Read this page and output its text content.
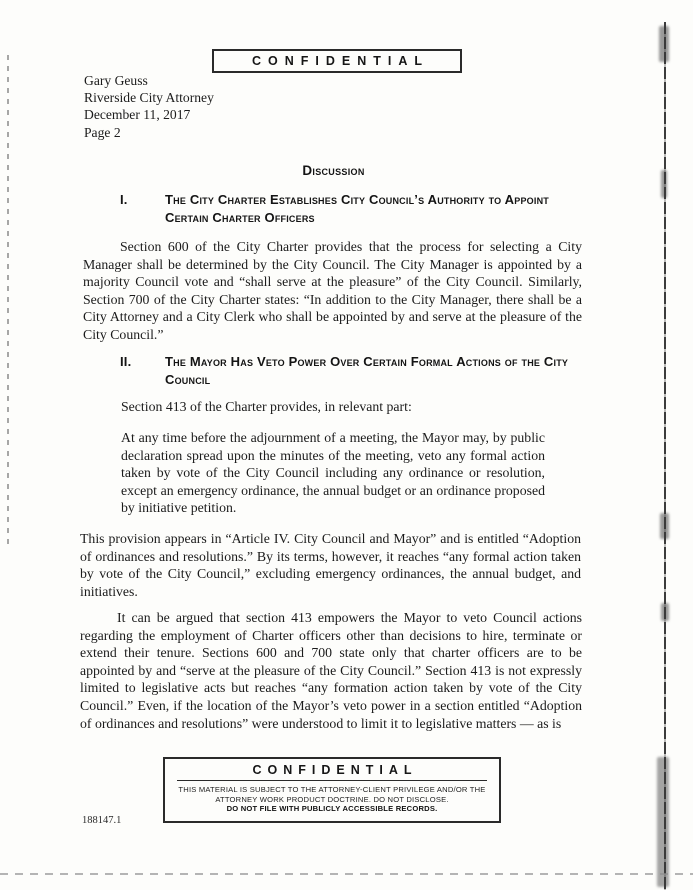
CONFIDENTIAL
Gary Geuss
Riverside City Attorney
December 11, 2017
Page 2
Discussion
I.	The City Charter Establishes City Council’s Authority to Appoint Certain Charter Officers
Section 600 of the City Charter provides that the process for selecting a City Manager shall be determined by the City Council. The City Manager is appointed by a majority Council vote and “shall serve at the pleasure” of the City Council. Similarly, Section 700 of the City Charter states: “In addition to the City Manager, there shall be a City Attorney and a City Clerk who shall be appointed by and serve at the pleasure of the City Council.”
II.	The Mayor Has Veto Power Over Certain Formal Actions of the City Council
Section 413 of the Charter provides, in relevant part:
At any time before the adjournment of a meeting, the Mayor may, by public declaration spread upon the minutes of the meeting, veto any formal action taken by vote of the City Council including any ordinance or resolution, except an emergency ordinance, the annual budget or an ordinance proposed by initiative petition.
This provision appears in “Article IV. City Council and Mayor” and is entitled “Adoption of ordinances and resolutions.” By its terms, however, it reaches “any formal action taken by vote of the City Council,” excluding emergency ordinances, the annual budget, and initiatives.
It can be argued that section 413 empowers the Mayor to veto Council actions regarding the employment of Charter officers other than decisions to hire, terminate or extend their tenure. Sections 600 and 700 state only that charter officers are to be appointed by and “serve at the pleasure of the City Council.” Section 413 is not expressly limited to legislative acts but reaches “any formation action taken by vote of the City Council.” Even, if the location of the Mayor’s veto power in a section entitled “Adoption of ordinances and resolutions” were understood to limit it to legislative matters — as is
CONFIDENTIAL
THIS MATERIAL IS SUBJECT TO THE ATTORNEY-CLIENT PRIVILEGE AND/OR THE
ATTORNEY WORK PRODUCT DOCTRINE. DO NOT DISCLOSE.
DO NOT FILE WITH PUBLICLY ACCESSIBLE RECORDS.
188147.1
